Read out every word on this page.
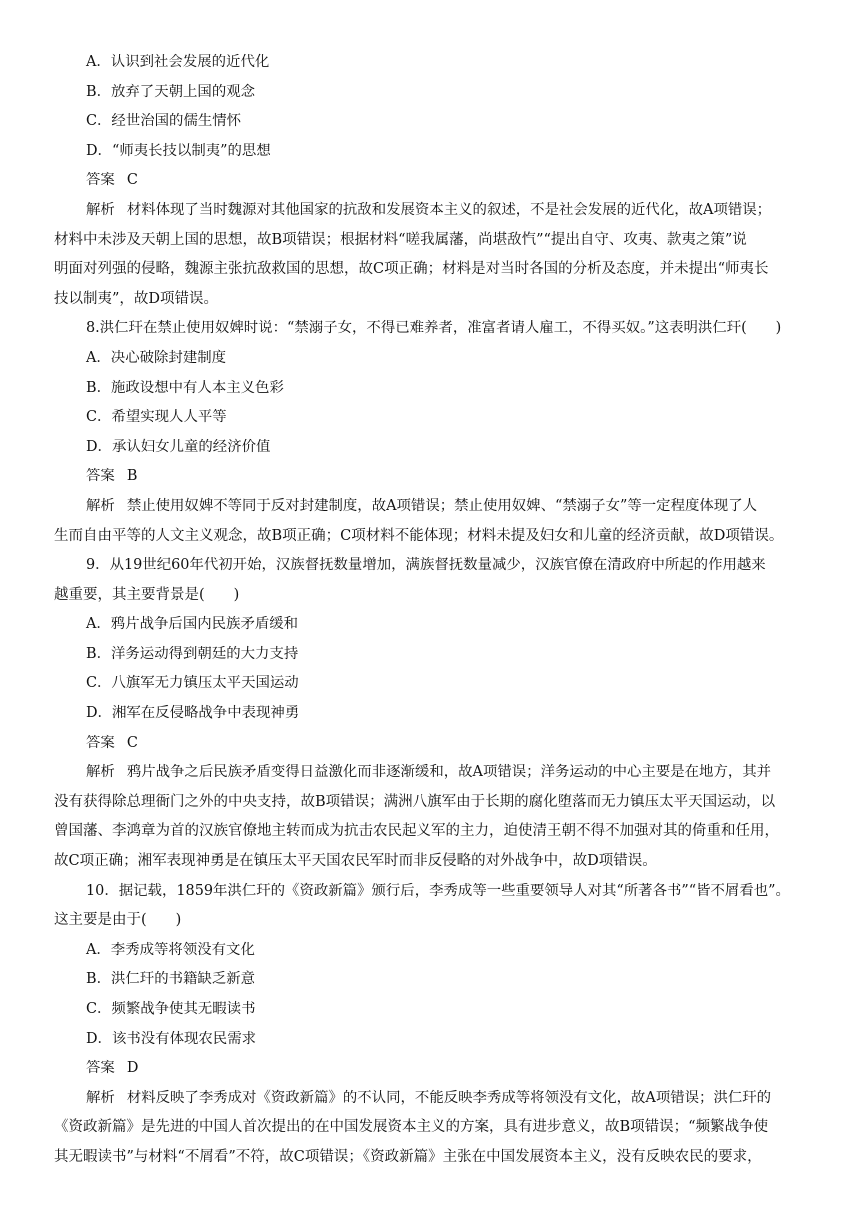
A．认识到社会发展的近代化
B．放弃了天朝上国的观念
C．经世治国的儒生情怀
D．“师夷长技以制夷”的思想
答案 C
解析 材料体现了当时魏源对其他国家的抗敌和发展资本主义的叙述，不是社会发展的近代化，故A项错误；
材料中未涉及天朝上国的思想，故B项错误；根据材料“嗟我属藩，尚堪敌忾”“提出自守、攻夷、款夷之策”说
明面对列强的侵略，魏源主张抗敌救国的思想，故C项正确；材料是对当时各国的分析及态度，并未提出“师夷长
技以制夷”，故D项错误。
8.洪仁玕在禁止使用奴婢时说：“禁溺子女，不得已难养者，准富者请人雇工，不得买奴。”这表明洪仁玕(　　)
A．决心破除封建制度
B．施政设想中有人本主义色彩
C．希望实现人人平等
D．承认妇女儿童的经济价值
答案 B
解析 禁止使用奴婢不等同于反对封建制度，故A项错误；禁止使用奴婢、“禁溺子女”等一定程度体现了人
生而自由平等的人文主义观念，故B项正确；C项材料不能体现；材料未提及妇女和儿童的经济贡献，故D项错误。
9．从19世纪60年代初开始，汉族督抚数量增加，满族督抚数量减少，汉族官僚在清政府中所起的作用越来
越重要，其主要背景是(　　)
A．鸦片战争后国内民族矛盾缓和
B．洋务运动得到朝廷的大力支持
C．八旗军无力镇压太平天国运动
D．湘军在反侵略战争中表现神勇
答案 C
解析 鸦片战争之后民族矛盾变得日益激化而非逐渐缓和，故A项错误；洋务运动的中心主要是在地方，其并
没有获得除总理衙门之外的中央支持，故B项错误；满洲八旗军由于长期的腐化堕落而无力镇压太平天国运动，以
曾国藩、李鸿章为首的汉族官僚地主转而成为抗击农民起义军的主力，迫使清王朝不得不加强对其的倚重和任用，
故C项正确；湘军表现神勇是在镇压太平天国农民军时而非反侵略的对外战争中，故D项错误。
10．据记载，1859年洪仁玕的《资政新篇》颁行后，李秀成等一些重要领导人对其“所著各书”“皆不屑看也”。
这主要是由于(　　)
A．李秀成等将领没有文化
B．洪仁玕的书籍缺乏新意
C．频繁战争使其无暇读书
D．该书没有体现农民需求
答案 D
解析 材料反映了李秀成对《资政新篇》的不认同，不能反映李秀成等将领没有文化，故A项错误；洪仁玕的
《资政新篇》是先进的中国人首次提出的在中国发展资本主义的方案，具有进步意义，故B项错误；“频繁战争使
其无暇读书”与材料“不屑看”不符，故C项错误；《资政新篇》主张在中国发展资本主义，没有反映农民的要求，
